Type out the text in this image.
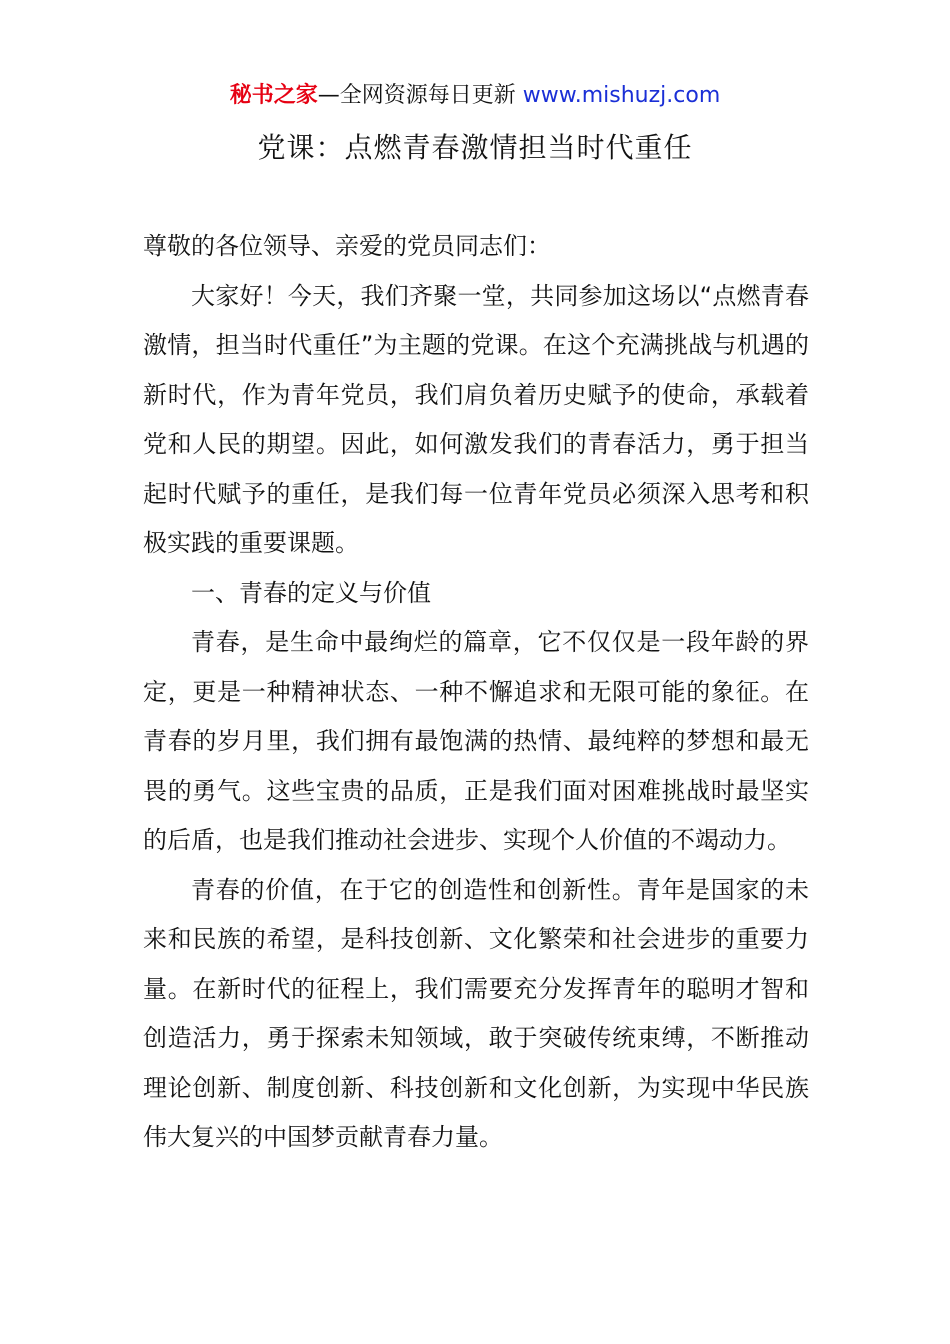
秘书之家—全网资源每日更新 www.mishuzj.com
党课：点燃青春激情担当时代重任

尊敬的各位领导、亲爱的党员同志们：

大家好！今天，我们齐聚一堂，共同参加这场以“点燃青春激情，担当时代重任”为主题的党课。在这个充满挑战与机遇的新时代，作为青年党员，我们肩负着历史赋予的使命，承载着党和人民的期望。因此，如何激发我们的青春活力，勇于担当起时代赋予的重任，是我们每一位青年党员必须深入思考和积极实践的重要课题。

一、青春的定义与价值

青春，是生命中最绚烂的篇章，它不仅仅是一段年龄的界定，更是一种精神状态、一种不懈追求和无限可能的象征。在青春的岁月里，我们拥有最饱满的热情、最纯粹的梦想和最无畏的勇气。这些宝贵的品质，正是我们面对困难挑战时最坚实的后盾，也是我们推动社会进步、实现个人价值的不竭动力。

青春的价值，在于它的创造性和创新性。青年是国家的未来和民族的希望，是科技创新、文化繁荣和社会进步的重要力量。在新时代的征程上，我们需要充分发挥青年的聪明才智和创造活力，勇于探索未知领域，敢于突破传统束缚，不断推动理论创新、制度创新、科技创新和文化创新，为实现中华民族伟大复兴的中国梦贡献青春力量。
